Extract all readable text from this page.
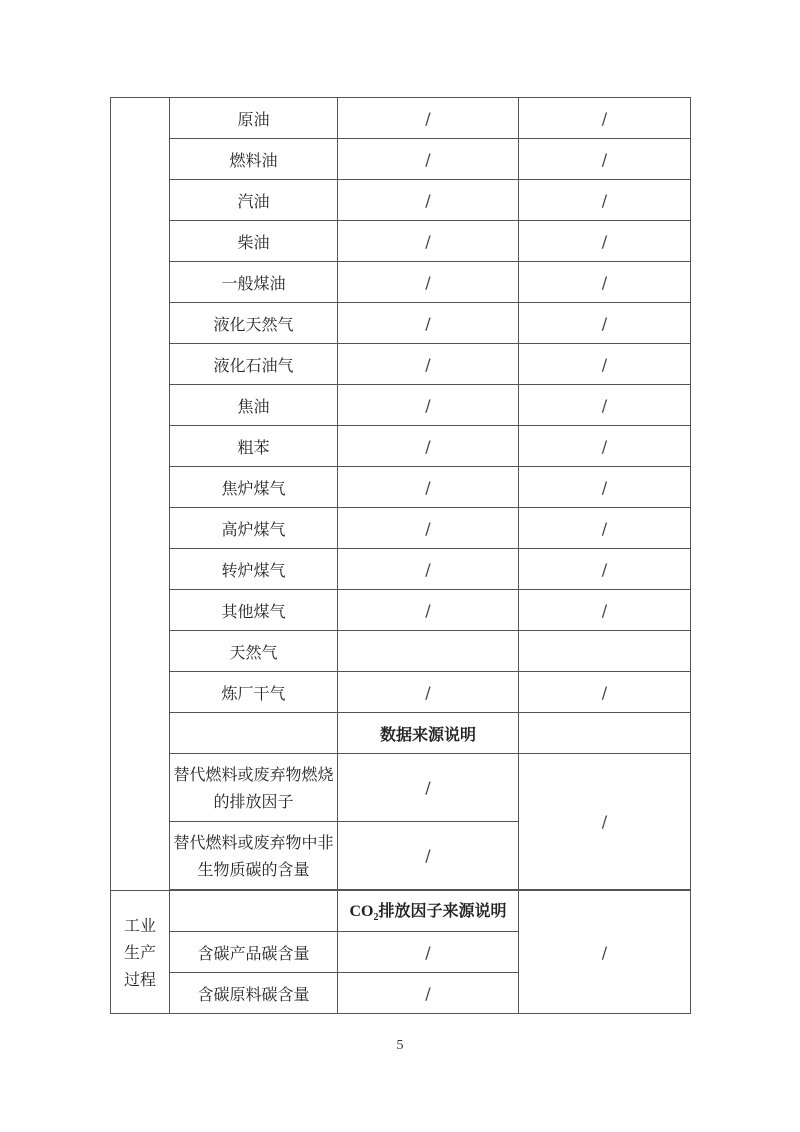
	原油	/	/
	燃料油	/	/
	汽油	/	/
	柴油	/	/
	一般煤油	/	/
	液化天然气	/	/
	液化石油气	/	/
	焦油	/	/
	粗苯	/	/
	焦炉煤气	/	/
	高炉煤气	/	/
	转炉煤气	/	/
	其他煤气	/	/
	天然气		
	炼厂干气	/	/
		数据来源说明	
	替代燃料或废弃物燃烧的排放因子	/	/
	替代燃料或废弃物中非生物质碳的含量	/	

工业生产过程		$CO_2$排放因子来源说明	/
	含碳产品碳含量	/	
	含碳原料碳含量	/	
5
